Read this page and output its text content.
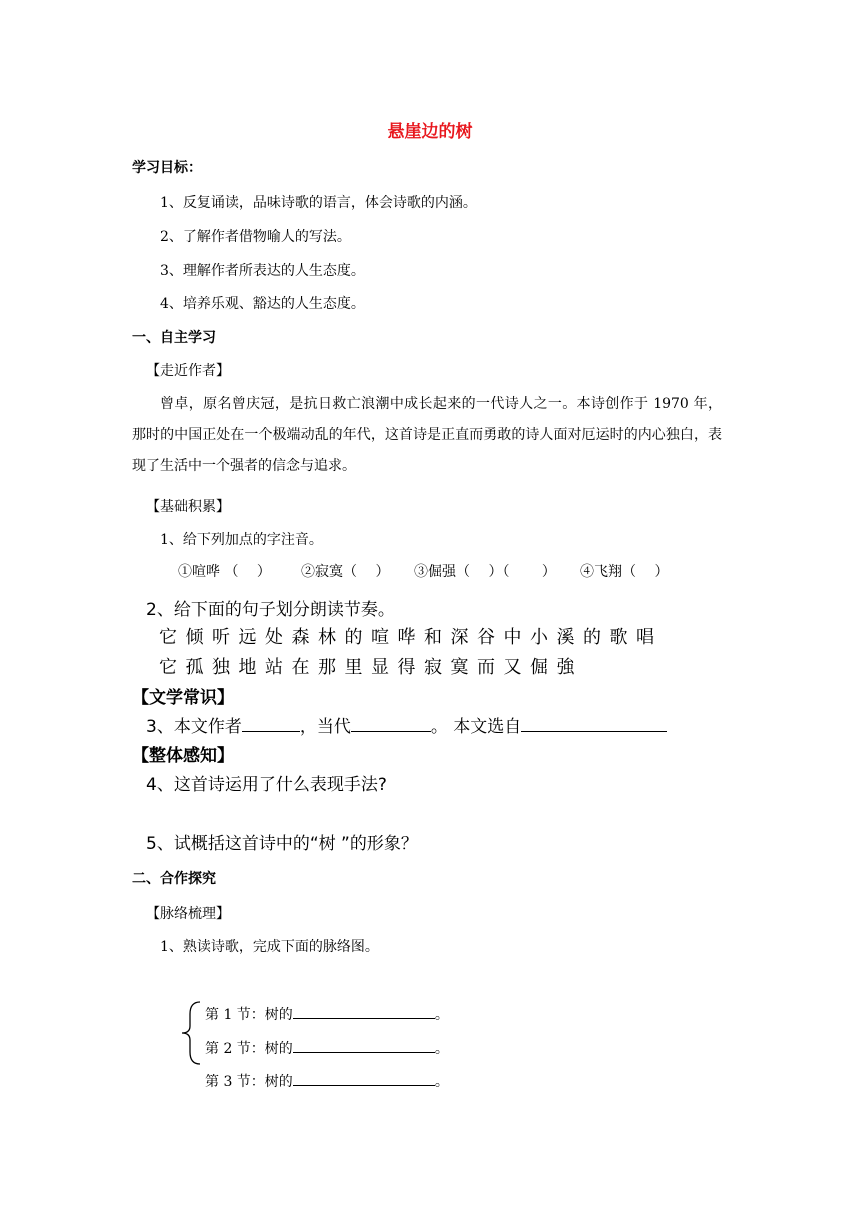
悬崖边的树
学习目标：
1、反复诵读，品味诗歌的语言，体会诗歌的内涵。
2、了解作者借物喻人的写法。
3、理解作者所表达的人生态度。
4、培养乐观、豁达的人生态度。
一、自主学习
【走近作者】
曾卓，原名曾庆冠，是抗日救亡浪潮中成长起来的一代诗人之一。本诗创作于 1970 年，那时的中国正处在一个极端动乱的年代，这首诗是正直而勇敢的诗人面对厄运时的内心独白，表现了生活中一个强者的信念与追求。
【基础积累】
1、给下列加点的字注音。
①喧哗 （　 ） ②寂寞（　 ） ③倔强（　 ）（　　 ） ④飞翔（　 ）
2、给下面的句子划分朗读节奏。
它倾听远处森林的喧哗和深谷中小溪的歌唱
它孤独地站在那里显得寂寞而又倔強
【文学常识】
3、本文作者	，当代	。 本文选自
【整体感知】
4、这首诗运用了什么表现手法?
5、试概括这首诗中的“树 ”的形象？
二、合作探究
【脉络梳理】
1、熟读诗歌，完成下面的脉络图。
第 1 节：树的	。
第 2 节：树的	。
第 3 节：树的	。
